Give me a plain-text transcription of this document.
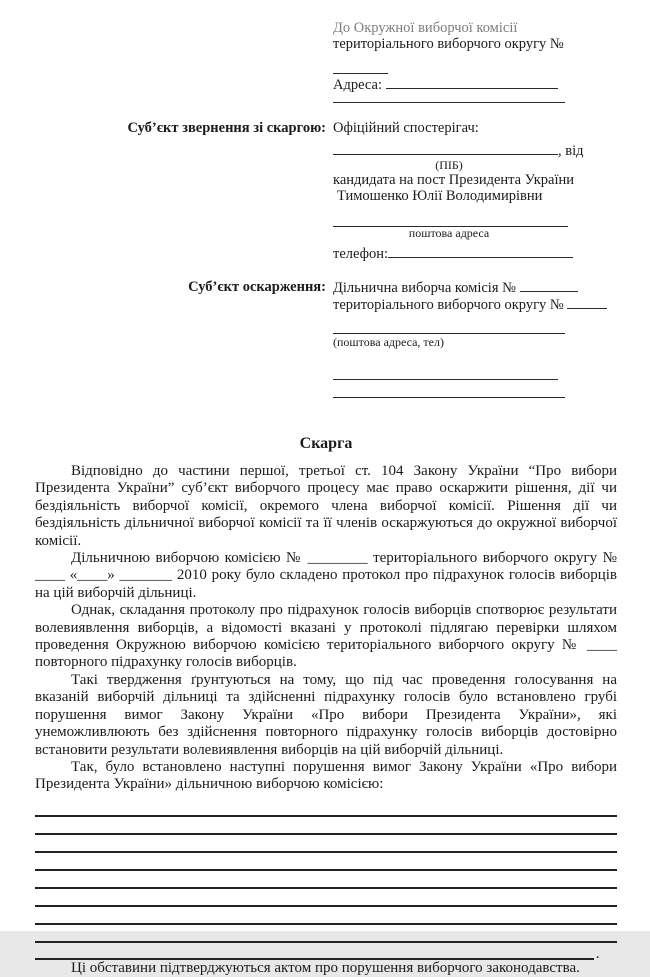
До Окружної виборчої комісії
територіального виборчого округу №
Адреса:
Суб’єкт звернення зі скаргою: Офіційний спостерігач:
, від
(ПІБ)
кандидата на пост Президента України
Тимошенко Юлії Володимирівни
поштова адреса
телефон:
Суб’єкт оскарження: Дільнична виборча комісія №
територіального виборчого округу №
(поштова адреса, тел)
Скарга

Відповідно до частини першої, третьої ст. 104 Закону України “Про вибори Президента України” суб’єкт виборчого процесу має право оскаржити рішення, дії чи бездіяльність виборчої комісії, окремого члена виборчої комісії. Рішення дії чи бездіяльність дільничної виборчої комісії та її членів оскаржуються до окружної виборчої комісії.

Дільничною виборчою комісією № ________ територіального виборчого округу № ____ «____» _______ 2010 року було складено протокол про підрахунок голосів виборців на цій виборчій дільниці.

Однак, складання протоколу про підрахунок голосів виборців спотворює результати волевиявлення виборців, а відомості вказані у протоколі підлягаю перевірки шляхом проведення Окружною виборчою комісією територіального виборчого округу № ____ повторного підрахунку голосів виборців.

Такі твердження ґрунтуються на тому, що під час проведення голосування на вказаній виборчій дільниці та здійсненні підрахунку голосів було встановлено грубі порушення вимог Закону України «Про вибори Президента України», які унеможливлюють без здійснення повторного підрахунку голосів виборців достовірно встановити результати волевиявлення виборців на цій виборчій дільниці.

Так, було встановлено наступні порушення вимог Закону України «Про вибори Президента України» дільничною виборчою комісією:

.

Ці обставини підтверджуються актом про порушення виборчого законодавства.
